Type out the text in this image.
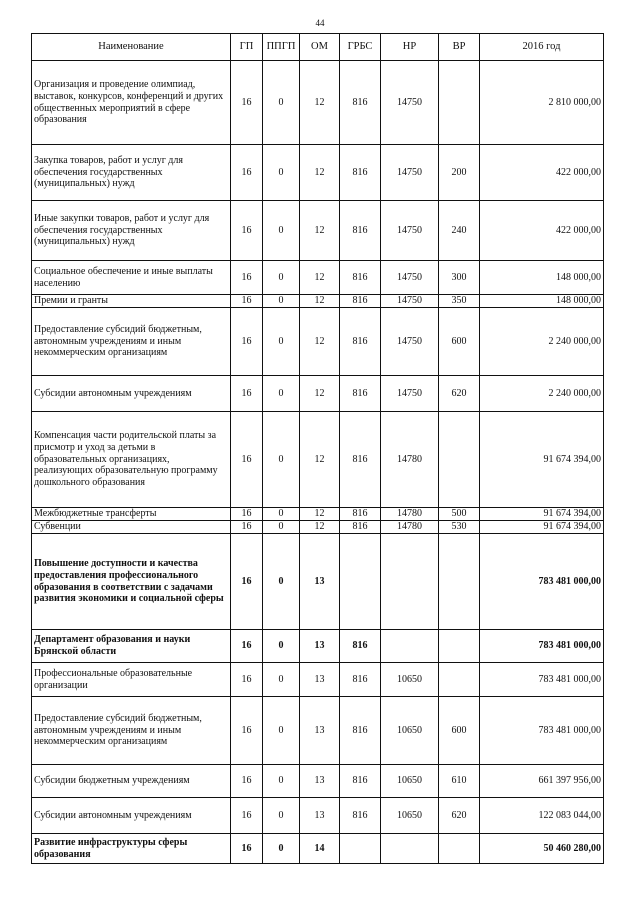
44
Наименование	ГП	ППГП	ОМ	ГРБС	НР	ВР	2016 год
Организация и проведение олимпиад, выставок, конкурсов, конференций и других общественных мероприятий в сфере образования	16	0	12	816	14750		2 810 000,00
Закупка товаров, работ и услуг для обеспечения государственных (муниципальных) нужд	16	0	12	816	14750	200	422 000,00
Иные закупки товаров, работ и услуг для обеспечения государственных (муниципальных) нужд	16	0	12	816	14750	240	422 000,00
Социальное обеспечение и иные выплаты населению	16	0	12	816	14750	300	148 000,00
Премии и гранты	16	0	12	816	14750	350	148 000,00
Предоставление субсидий бюджетным, автономным учреждениям и иным некоммерческим организациям	16	0	12	816	14750	600	2 240 000,00
Субсидии автономным учреждениям	16	0	12	816	14750	620	2 240 000,00
Компенсация части родительской платы за присмотр и уход за детьми в образовательных организациях, реализующих образовательную программу дошкольного образования	16	0	12	816	14780		91 674 394,00
Межбюджетные трансферты	16	0	12	816	14780	500	91 674 394,00
Субвенции	16	0	12	816	14780	530	91 674 394,00
Повышение доступности и качества предоставления профессионального образования в соответствии с задачами развития экономики и социальной сферы	16	0	13				783 481 000,00
Департамент образования и науки Брянской области	16	0	13	816			783 481 000,00
Профессиональные образовательные организации	16	0	13	816	10650		783 481 000,00
Предоставление субсидий бюджетным, автономным учреждениям и иным некоммерческим организациям	16	0	13	816	10650	600	783 481 000,00
Субсидии бюджетным учреждениям	16	0	13	816	10650	610	661 397 956,00
Субсидии автономным учреждениям	16	0	13	816	10650	620	122 083 044,00
Развитие инфраструктуры сферы образования	16	0	14				50 460 280,00
